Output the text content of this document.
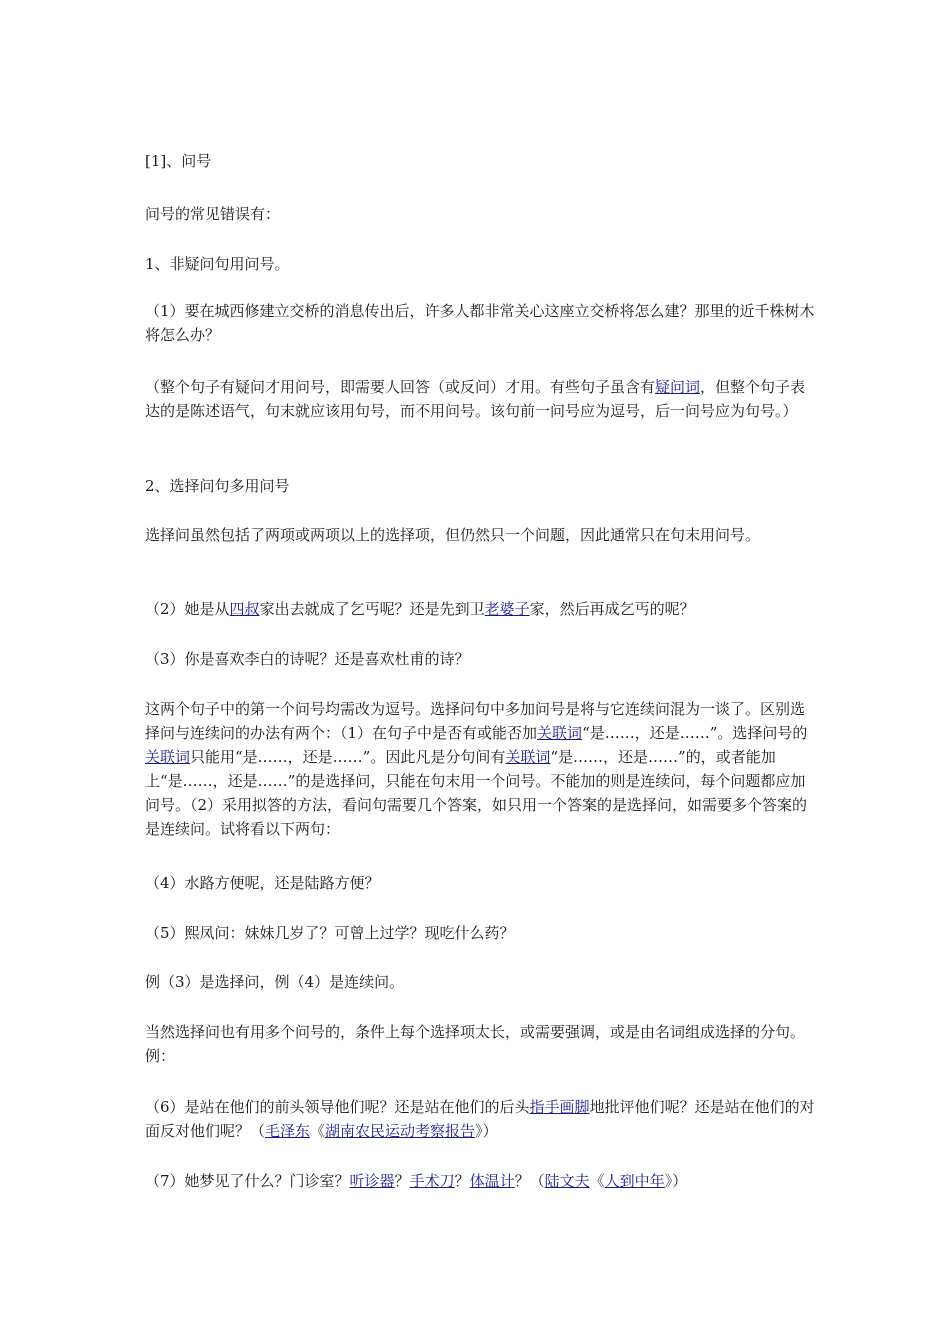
[1]、问号

问号的常见错误有：

1、非疑问句用问号。

（1）要在城西修建立交桥的消息传出后，许多人都非常关心这座立交桥将怎么建？那里的近千株树木将怎么办？

（整个句子有疑问才用问号，即需要人回答（或反问）才用。有些句子虽含有疑问词，但整个句子表达的是陈述语气，句末就应该用句号，而不用问号。该句前一问号应为逗号，后一问号应为句号。）

2、选择问句多用问号

选择问虽然包括了两项或两项以上的选择项，但仍然只一个问题，因此通常只在句末用问号。

（2）她是从四叔家出去就成了乞丐呢？还是先到卫老婆子家，然后再成乞丐的呢？

（3）你是喜欢李白的诗呢？还是喜欢杜甫的诗？

这两个句子中的第一个问号均需改为逗号。选择问句中多加问号是将与它连续问混为一谈了。区别选择问与连续问的办法有两个：（1）在句子中是否有或能否加关联词“是……，还是……”。选择问号的关联词只能用“是……，还是……”。因此凡是分句间有关联词“是……，还是……”的，或者能加上“是……，还是……”的是选择问，只能在句末用一个问号。不能加的则是连续问，每个问题都应加问号。（2）采用拟答的方法，看问句需要几个答案，如只用一个答案的是选择问，如需要多个答案的是连续问。试将看以下两句：

（4）水路方便呢，还是陆路方便？

（5）熙凤问：妹妹几岁了？可曾上过学？现吃什么药？

例（3）是选择问，例（4）是连续问。

当然选择问也有用多个问号的，条件上每个选择项太长，或需要强调，或是由名词组成选择的分句。例：

（6）是站在他们的前头领导他们呢？还是站在他们的后头指手画脚地批评他们呢？还是站在他们的对面反对他们呢？（毛泽东《湖南农民运动考察报告》）

（7）她梦见了什么？门诊室？听诊器？手术刀？体温计？（陆文夫《人到中年》）
